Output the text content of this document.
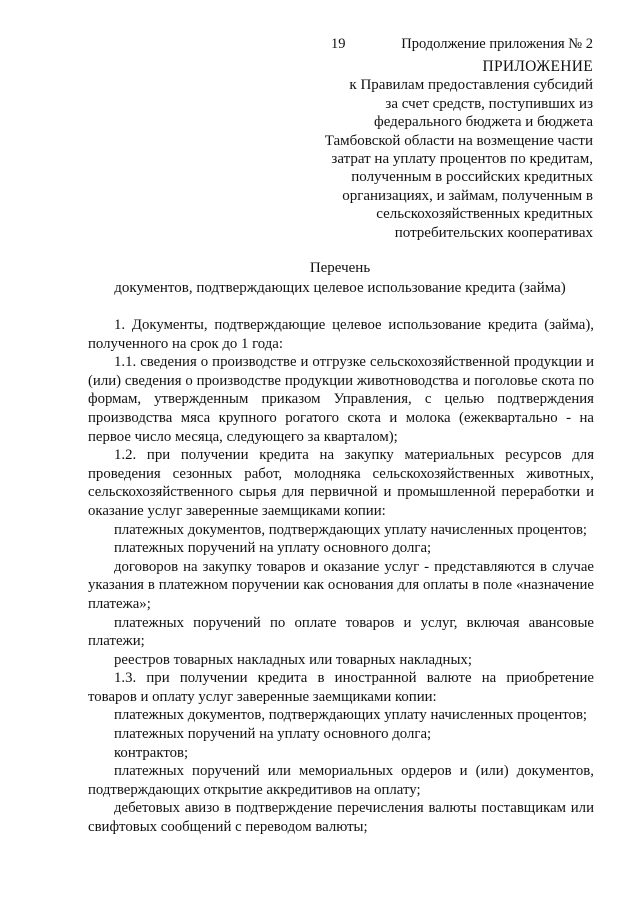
19	Продолжение приложения № 2
ПРИЛОЖЕНИЕ
к Правилам предоставления субсидий
за счет средств, поступивших из
федерального бюджета и бюджета
Тамбовской области на возмещение части
затрат на уплату процентов по кредитам,
полученным в российских кредитных
организациях, и займам, полученным в
сельскохозяйственных кредитных
потребительских кооперативах
Перечень
документов, подтверждающих целевое использование кредита (займа)

1. Документы, подтверждающие целевое использование кредита (займа), полученного на срок до 1 года:

1.1. сведения о производстве и отгрузке сельскохозяйственной продукции и (или) сведения о производстве продукции животноводства и поголовье скота по формам, утвержденным приказом Управления, с целью подтверждения производства мяса крупного рогатого скота и молока (ежеквартально - на первое число месяца, следующего за кварталом);

1.2. при получении кредита на закупку материальных ресурсов для проведения сезонных работ, молодняка сельскохозяйственных животных, сельскохозяйственного сырья для первичной и промышленной переработки и оказание услуг заверенные заемщиками копии:

платежных документов, подтверждающих уплату начисленных процентов;

платежных поручений на уплату основного долга;

договоров на закупку товаров и оказание услуг - представляются в случае указания в платежном поручении как основания для оплаты в поле «назначение платежа»;

платежных поручений по оплате товаров и услуг, включая авансовые платежи;

реестров товарных накладных или товарных накладных;

1.3. при получении кредита в иностранной валюте на приобретение товаров и оплату услуг заверенные заемщиками копии:

платежных документов, подтверждающих уплату начисленных процентов;

платежных поручений на уплату основного долга;

контрактов;

платежных поручений или мемориальных ордеров и (или) документов, подтверждающих открытие аккредитивов на оплату;

дебетовых авизо в подтверждение перечисления валюты поставщикам или свифтовых сообщений с переводом валюты;
